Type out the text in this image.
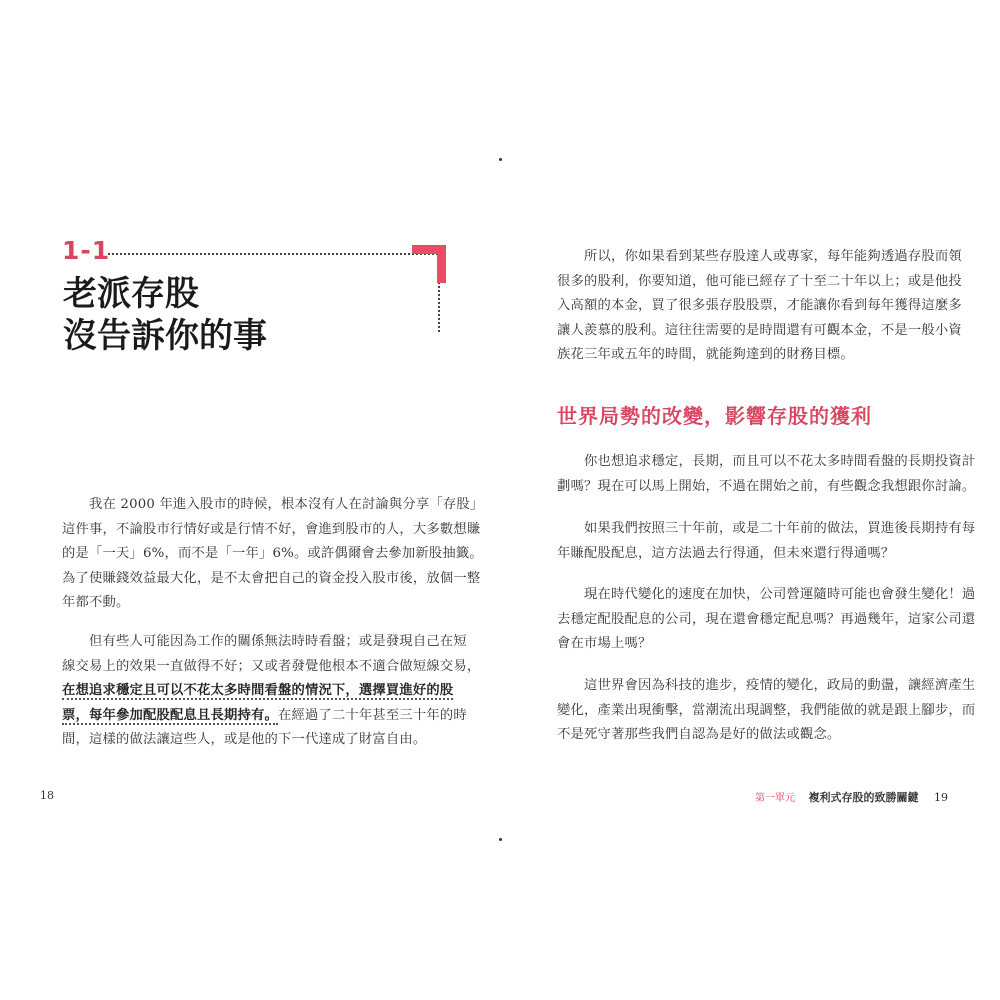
1-1
老派存股
沒告訴你的事
我在 2000 年進入股市的時候，根本沒有人在討論與分享「存股」
這件事，不論股市行情好或是行情不好，會進到股市的人，大多數想賺
的是「一天」6%，而不是「一年」6%。或許偶爾會去參加新股抽籤。
為了使賺錢效益最大化，是不太會把自己的資金投入股市後，放個一整
年都不動。
但有些人可能因為工作的關係無法時時看盤；或是發現自己在短
線交易上的效果一直做得不好；又或者發覺他根本不適合做短線交易，
在想追求穩定且可以不花太多時間看盤的情況下，選擇買進好的股
票，每年參加配股配息且長期持有。在經過了二十年甚至三十年的時
間，這樣的做法讓這些人，或是他的下一代達成了財富自由。
18
所以，你如果看到某些存股達人或專家，每年能夠透過存股而領
很多的股利，你要知道，他可能已經存了十至二十年以上；或是他投
入高額的本金，買了很多張存股股票，才能讓你看到每年獲得這麼多
讓人羨慕的股利。這往往需要的是時間還有可觀本金，不是一般小資
族花三年或五年的時間，就能夠達到的財務目標。
世界局勢的改變，影響存股的獲利
你也想追求穩定，長期，而且可以不花太多時間看盤的長期投資計
劃嗎？現在可以馬上開始，不過在開始之前，有些觀念我想跟你討論。
如果我們按照三十年前，或是二十年前的做法，買進後長期持有每
年賺配股配息，這方法過去行得通，但未來還行得通嗎？
現在時代變化的速度在加快，公司營運隨時可能也會發生變化！過
去穩定配股配息的公司，現在還會穩定配息嗎？再過幾年，這家公司還
會在市場上嗎？
這世界會因為科技的進步，疫情的變化，政局的動盪，讓經濟產生
變化，產業出現衝擊，當潮流出現調整，我們能做的就是跟上腳步，而
不是死守著那些我們自認為是好的做法或觀念。
第一單元 複利式存股的致勝關鍵 19
